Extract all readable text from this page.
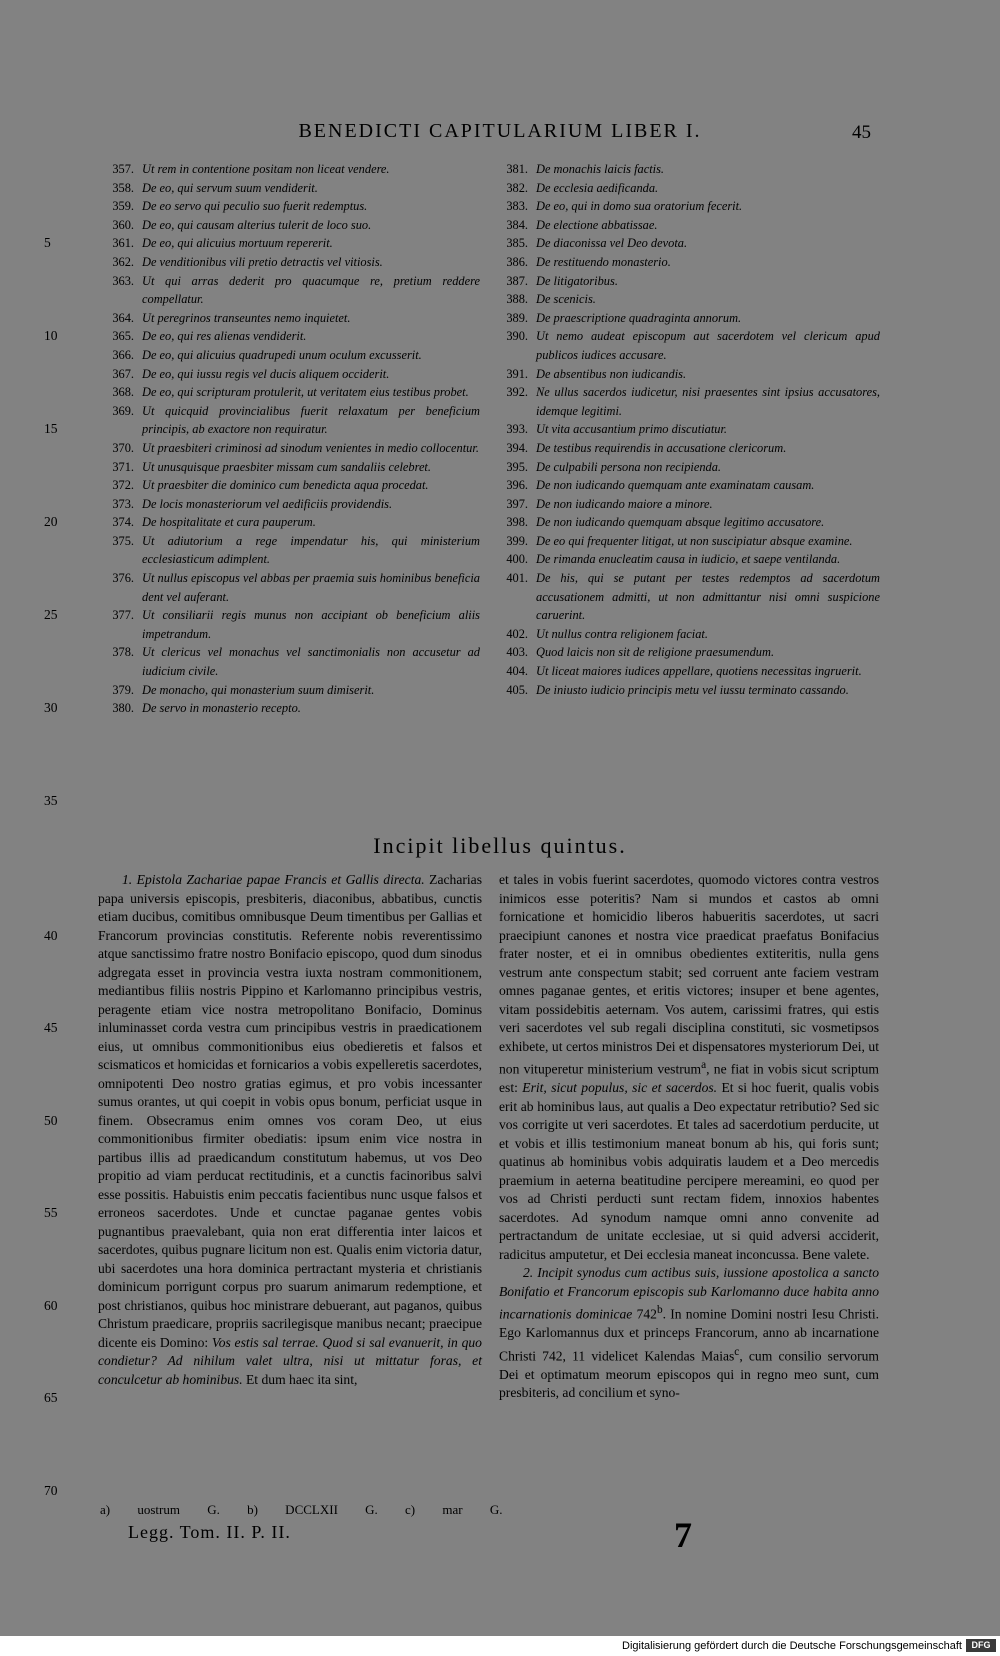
BENEDICTI CAPITULARIUM LIBER I.	45
5
10
15
20
25
30
35
357. Ut rem in contentione positam non liceat vendere.
358. De eo, qui servum suum vendiderit.
359. De eo servo qui peculio suo fuerit redemptus.
360. De eo, qui causam alterius tulerit de loco suo.
361. De eo, qui alicuius mortuum repererit.
362. De venditionibus vili pretio detractis vel vitiosis.
363. Ut qui arras dederit pro quacumque re, pretium reddere compellatur.
364. Ut peregrinos transeuntes nemo inquietet.
365. De eo, qui res alienas vendiderit.
366. De eo, qui alicuius quadrupedi unum oculum excusserit.
367. De eo, qui iussu regis vel ducis aliquem occiderit.
368. De eo, qui scripturam protulerit, ut veritatem eius testibus probet.
369. Ut quicquid provincialibus fuerit relaxatum per beneficium principis, ab exactore non requiratur.
370. Ut praesbiteri criminosi ad sinodum venientes in medio collocentur.
371. Ut unusquisque praesbiter missam cum sandaliis celebret.
372. Ut praesbiter die dominico cum benedicta aqua procedat.
373. De locis monasteriorum vel aedificiis providendis.
374. De hospitalitate et cura pauperum.
375. Ut adiutorium a rege impendatur his, qui ministerium ecclesiasticum adimplent.
376. Ut nullus episcopus vel abbas per praemia suis hominibus beneficia dent vel auferant.
377. Ut consiliarii regis munus non accipiant ob beneficium aliis impetrandum.
378. Ut clericus vel monachus vel sanctimonialis non accusetur ad iudicium civile.
379. De monacho, qui monasterium suum dimiserit.
380. De servo in monasterio recepto.
381. De monachis laicis factis.
382. De ecclesia aedificanda.
383. De eo, qui in domo sua oratorium fecerit.
384. De electione abbatissae.
385. De diaconissa vel Deo devota.
386. De restituendo monasterio.
387. De litigatoribus.
388. De scenicis.
389. De praescriptione quadraginta annorum.
390. Ut nemo audeat episcopum aut sacerdotem vel clericum apud publicos iudices accusare.
391. De absentibus non iudicandis.
392. Ne ullus sacerdos iudicetur, nisi praesentes sint ipsius accusatores, idemque legitimi.
393. Ut vita accusantium primo discutiatur.
394. De testibus requirendis in accusatione clericorum.
395. De culpabili persona non recipienda.
396. De non iudicando quemquam ante examinatam causam.
397. De non iudicando maiore a minore.
398. De non iudicando quemquam absque legitimo accusatore.
399. De eo qui frequenter litigat, ut non suscipiatur absque examine.
400. De rimanda enucleatim causa in iudicio, et saepe ventilanda.
401. De his, qui se putant per testes redemptos ad sacerdotum accusationem admitti, ut non admittantur nisi omni suspicione caruerint.
402. Ut nullus contra religionem faciat.
403. Quod laicis non sit de religione praesumendum.
404. Ut liceat maiores iudices appellare, quotiens necessitas ingruerit.
405. De iniusto iudicio principis metu vel iussu terminato cassando.
Incipit libellus quintus.
40
45
50
55
60
65
70

1. Epistola Zachariae papae Francis et Gallis directa. Zacharias papa universis episcopis, presbiteris, diaconibus, abbatibus, cunctis etiam ducibus, comitibus omnibusque Deum timentibus per Gallias et Francorum provincias constitutis. Referente nobis reverentissimo atque sanctissimo fratre nostro Bonifacio episcopo, quod dum sinodus adgregata esset in provincia vestra iuxta nostram commonitionem, mediantibus filiis nostris Pippino et Karlomanno principibus vestris, peragente etiam vice nostra metropolitano Bonifacio, Dominus inluminasset corda vestra cum principibus vestris in praedicationem eius, ut omnibus commonitionibus eius obedieretis et falsos et scismaticos et homicidas et fornicarios a vobis expelleretis sacerdotes, omnipotenti Deo nostro gratias egimus, et pro vobis incessanter sumus orantes, ut qui coepit in vobis opus bonum, perficiat usque in finem. Obsecramus enim omnes vos coram Deo, ut eius commonitionibus firmiter obediatis: ipsum enim vice nostra in partibus illis ad praedicandum constitutum habemus, ut vos Deo propitio ad viam perducat rectitudinis, et a cunctis facinoribus salvi esse possitis. Habuistis enim peccatis facientibus nunc usque falsos et erroneos sacerdotes. Unde et cunctae paganae gentes vobis pugnantibus praevalebant, quia non erat differentia inter laicos et sacerdotes, quibus pugnare licitum non est. Qualis enim victoria datur, ubi sacerdotes una hora dominica pertractant mysteria et christianis dominicum porrigunt corpus pro suarum animarum redemptione, et post christianos, quibus hoc ministrare debuerant, aut paganos, quibus Christum praedicare, propriis sacrilegisque manibus necant; praecipue dicente eis Domino: Vos estis sal terrae. Quod si sal evanuerit, in quo condietur? Ad nihilum valet ultra, nisi ut mittatur foras, et conculcetur ab hominibus. Et dum haec ita sint,

et tales in vobis fuerint sacerdotes, quomodo victores contra vestros inimicos esse poteritis? Nam si mundos et castos ab omni fornicatione et homicidio liberos habueritis sacerdotes, ut sacri praecipiunt canones et nostra vice praedicat praefatus Bonifacius frater noster, et ei in omnibus obedientes extiteritis, nulla gens vestrum ante conspectum stabit; sed corruent ante faciem vestram omnes paganae gentes, et eritis victores; insuper et bene agentes, vitam possidebitis aeternam. Vos autem, carissimi fratres, qui estis veri sacerdotes vel sub regali disciplina constituti, sic vosmetipsos exhibete, ut certos ministros Dei et dispensatores mysteriorum Dei, ut non vituperetur ministerium vestrum$^a$, ne fiat in vobis sicut scriptum est: Erit, sicut populus, sic et sacerdos. Et si hoc fuerit, qualis vobis erit ab hominibus laus, aut qualis a Deo expectatur retributio? Sed sic vos corrigite ut veri sacerdotes. Et tales ad sacerdotium perducite, ut et vobis et illis testimonium maneat bonum ab his, qui foris sunt; quatinus ab hominibus vobis adquiratis laudem et a Deo mercedis praemium in aeterna beatitudine percipere mereamini, eo quod per vos ad Christi perducti sunt rectam fidem, innoxios habentes sacerdotes. Ad synodum namque omni anno convenite ad pertractandum de unitate ecclesiae, ut si quid adversi acciderit, radicitus amputetur, et Dei ecclesia maneat inconcussa. Bene valete.

2. Incipit synodus cum actibus suis, iussione apostolica a sancto Bonifatio et Francorum episcopis sub Karlomanno duce habita anno incarnationis dominicae 742$^b$. In nomine Domini nostri Iesu Christi. Ego Karlomannus dux et princeps Francorum, anno ab incarnatione Christi 742, 11 videlicet Kalendas Maias$^c$, cum consilio servorum Dei et optimatum meorum episcopos qui in regno meo sunt, cum presbiteris, ad concilium et syno-

a) uostrum G. b) DCCLXII G. c) mar G.
Legg. Tom. II. P. II.	7
Digitalisierung gefördert durch die Deutsche Forschungsgemeinschaft	DFG
